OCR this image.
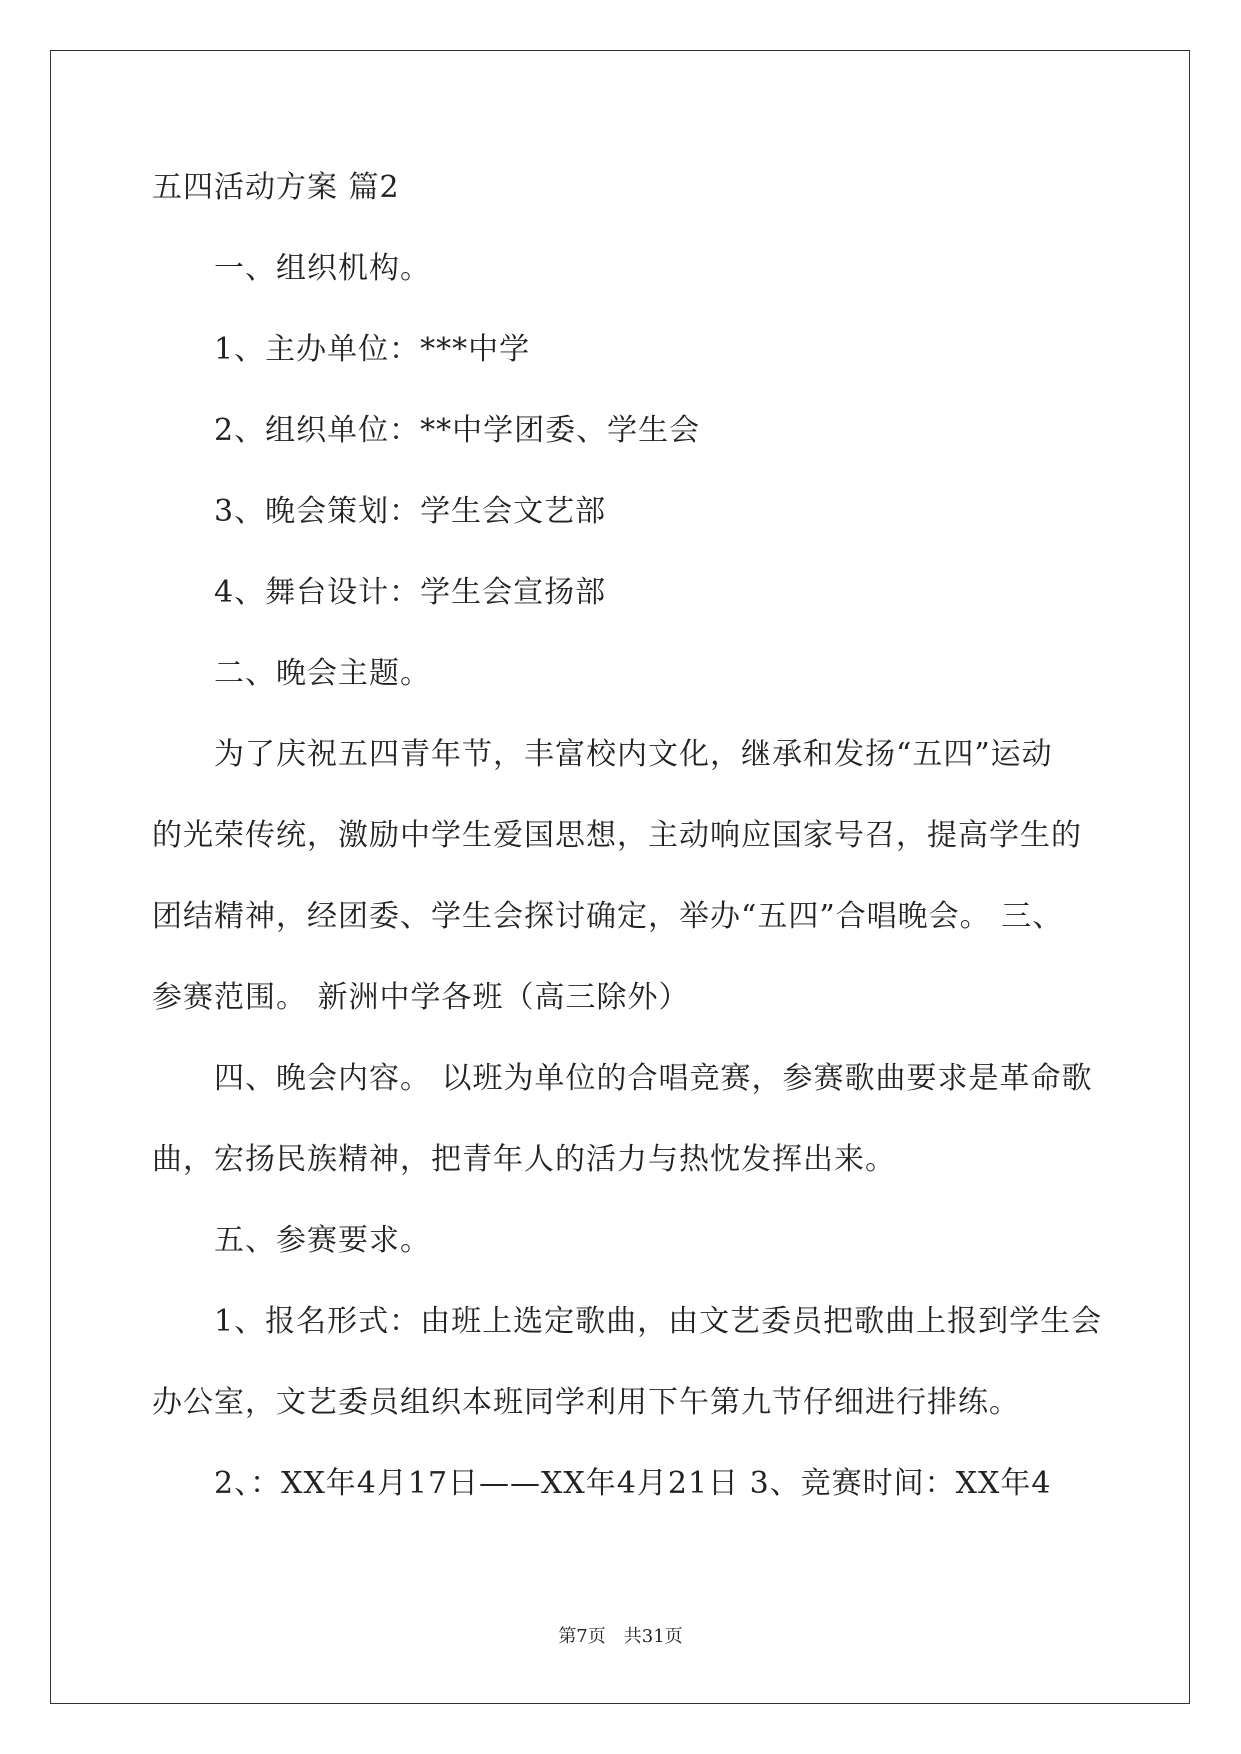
五四活动方案 篇2
一、组织机构。
1、主办单位：***中学
2、组织单位：**中学团委、学生会
3、晚会策划：学生会文艺部
4、舞台设计：学生会宣扬部
二、晚会主题。
为了庆祝五四青年节，丰富校内文化，继承和发扬“五四”运动
的光荣传统，激励中学生爱国思想，主动响应国家号召，提高学生的
团结精神，经团委、学生会探讨确定，举办“五四”合唱晚会。 三、
参赛范围。 新洲中学各班（高三除外）
四、晚会内容。 以班为单位的合唱竞赛，参赛歌曲要求是革命歌
曲，宏扬民族精神，把青年人的活力与热忱发挥出来。
五、参赛要求。
1、报名形式：由班上选定歌曲，由文艺委员把歌曲上报到学生会
办公室，文艺委员组织本班同学利用下午第九节仔细进行排练。
2、：XX年4月17日——XX年4月21日 3、竞赛时间：XX年4
第7页　共31页
